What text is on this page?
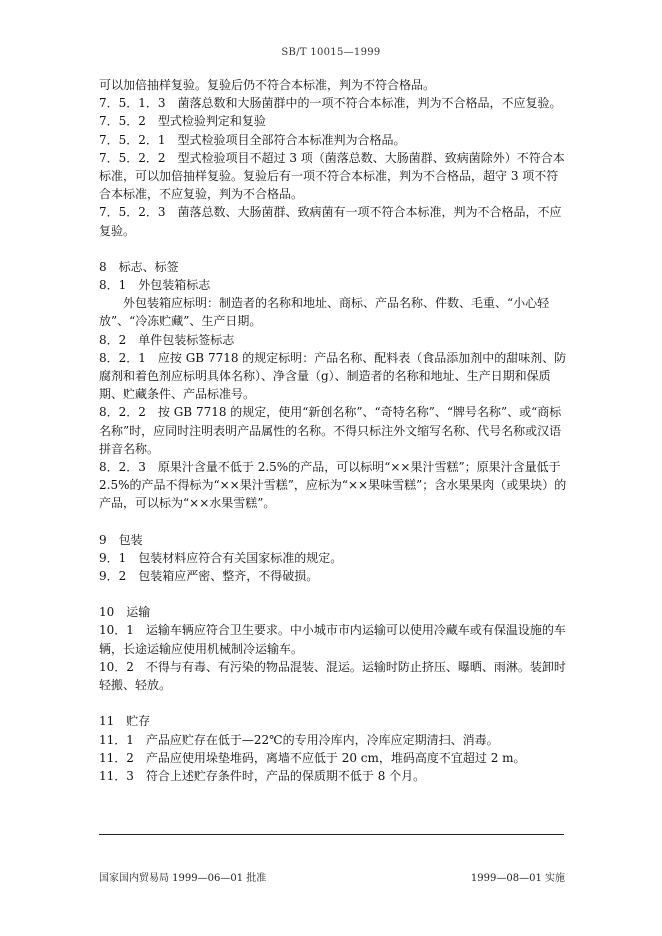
SB/T 10015—1999

可以加倍抽样复验。复验后仍不符合本标准，判为不符合格品。

7．5．1．3　菌落总数和大肠菌群中的一项不符合本标准，判为不合格品，不应复验。

7．5．2　型式检验判定和复验

7．5．2．1　型式检验项目全部符合本标准判为合格品。

7．5．2．2　型式检验项目不超过 3 项（菌落总数、大肠菌群、致病菌除外）不符合本标准，可以加倍抽样复验。复验后有一项不符合本标准，判为不合格品，超守 3 项不符合本标准，不应复验，判为不合格品。

7．5．2．3　菌落总数、大肠菌群、致病菌有一项不符合本标准，判为不合格品，不应复验。

8　标志、标签

8．1　外包装箱标志

外包装箱应标明：制造者的名称和地址、商标、产品名称、件数、毛重、“小心轻放”、“冷冻贮藏”、生产日期。

8．2　单件包装标签标志

8．2．1　应按 GB 7718 的规定标明：产品名称、配料表（食品添加剂中的甜味剂、防腐剂和着色剂应标明具体名称）、净含量（g）、制造者的名称和地址、生产日期和保质期、贮藏条件、产品标准号。

8．2．2　按 GB 7718 的规定，使用“新创名称”、“奇特名称”、“牌号名称”、或“商标名称”时，应同时注明表明产品属性的名称。不得只标注外文缩写名称、代号名称或汉语拼音名称。

8．2．3　原果汁含量不低于 2.5%的产品，可以标明“××果汁雪糕”；原果汁含量低于 2.5%的产品不得标为“××果汁雪糕”，应标为“××果味雪糕”；含水果果肉（或果块）的产品，可以标为“××水果雪糕”。

9　包装

9．1　包装材料应符合有关国家标准的规定。

9．2　包装箱应严密、整齐，不得破损。

10　运输

10．1　运输车辆应符合卫生要求。中小城市市内运输可以使用冷藏车或有保温设施的车辆，长途运输应使用机械制冷运输车。

10．2　不得与有毒、有污染的物品混装、混运。运输时防止挤压、曝晒、雨淋。装卸时轻搬、轻放。

11　贮存

11．1　产品应贮存在低于—22℃的专用冷库内，冷库应定期清扫、消毒。

11．2　产品应使用垛垫堆码，离墙不应低于 20 cm，堆码高度不宜超过 2 m。

11．3　符合上述贮存条件时，产品的保质期不低于 8 个月。

国家国内贸易局 1999—06—01 批准	1999—08—01 实施
